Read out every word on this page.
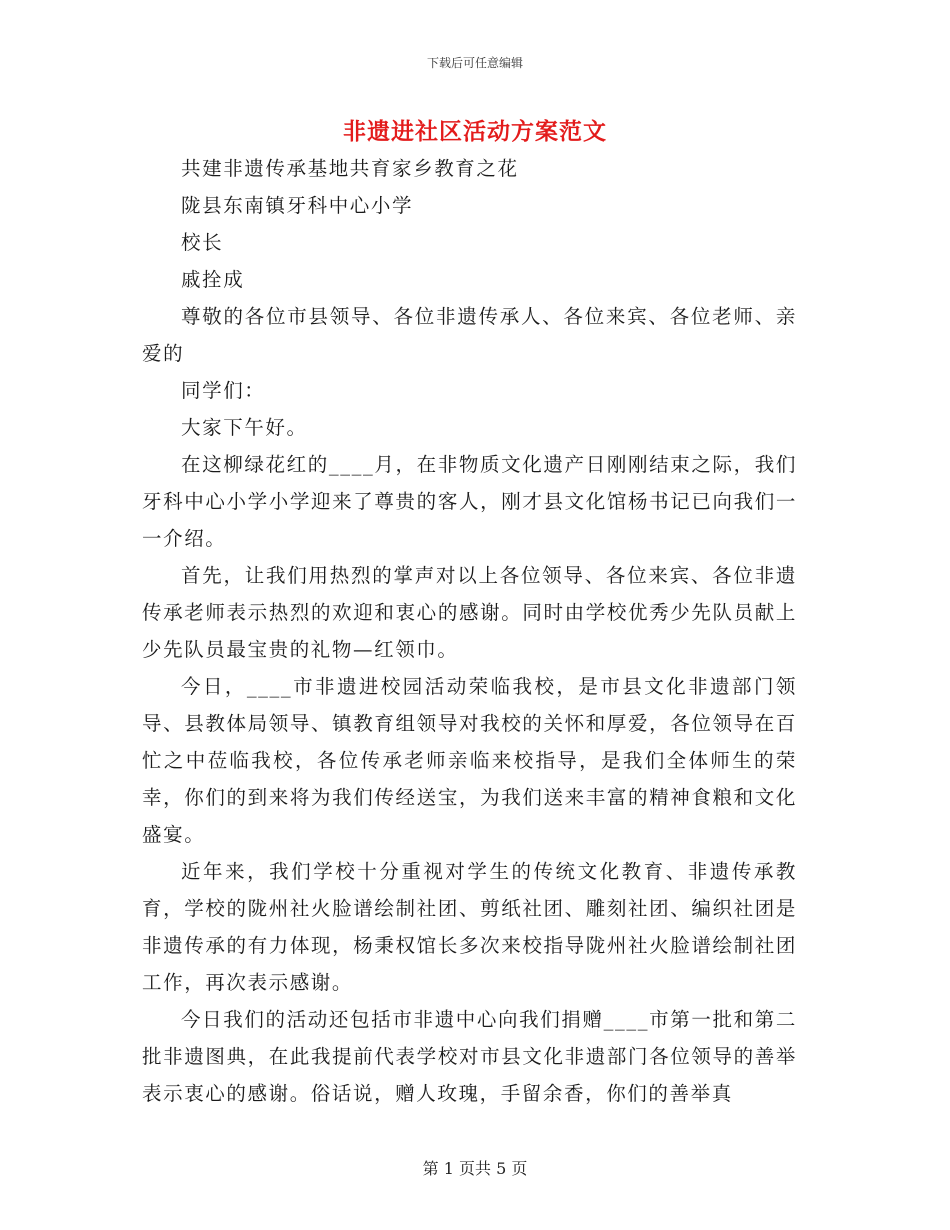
下载后可任意编辑
非遗进社区活动方案范文

共建非遗传承基地共育家乡教育之花

陇县东南镇牙科中心小学

校长

戚拴成

尊敬的各位市县领导、各位非遗传承人、各位来宾、各位老师、亲爱的

同学们：

大家下午好。

在这柳绿花红的____月，在非物质文化遗产日刚刚结束之际，我们牙科中心小学小学迎来了尊贵的客人，刚才县文化馆杨书记已向我们一一介绍。

首先，让我们用热烈的掌声对以上各位领导、各位来宾、各位非遗传承老师表示热烈的欢迎和衷心的感谢。同时由学校优秀少先队员献上少先队员最宝贵的礼物—红领巾。

今日，____市非遗进校园活动荣临我校，是市县文化非遗部门领导、县教体局领导、镇教育组领导对我校的关怀和厚爱，各位领导在百忙之中莅临我校，各位传承老师亲临来校指导，是我们全体师生的荣幸，你们的到来将为我们传经送宝，为我们送来丰富的精神食粮和文化盛宴。

近年来，我们学校十分重视对学生的传统文化教育、非遗传承教育，学校的陇州社火脸谱绘制社团、剪纸社团、雕刻社团、编织社团是非遗传承的有力体现，杨秉权馆长多次来校指导陇州社火脸谱绘制社团工作，再次表示感谢。

今日我们的活动还包括市非遗中心向我们捐赠____市第一批和第二批非遗图典，在此我提前代表学校对市县文化非遗部门各位领导的善举表示衷心的感谢。俗话说，赠人玫瑰，手留余香，你们的善举真

第 1 页共 5 页
